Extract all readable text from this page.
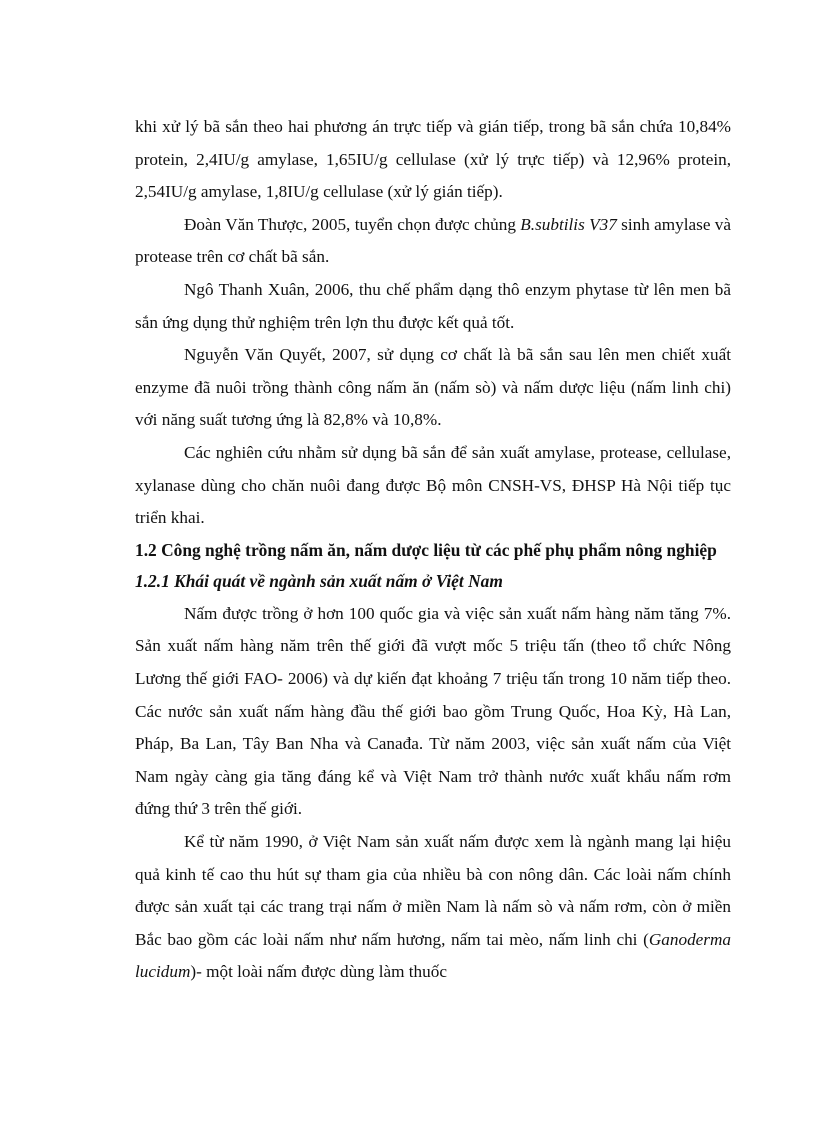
khi xử lý bã sắn theo hai phương án trực tiếp và gián tiếp, trong bã sắn chứa 10,84% protein, 2,4IU/g amylase, 1,65IU/g cellulase (xử lý trực tiếp) và 12,96% protein, 2,54IU/g amylase, 1,8IU/g cellulase (xử lý gián tiếp).

Đoàn Văn Thược, 2005, tuyển chọn được chủng B.subtilis V37 sinh amylase và protease trên cơ chất bã sắn.

Ngô Thanh Xuân, 2006, thu chế phẩm dạng thô enzym phytase từ lên men bã sắn ứng dụng thử nghiệm trên lợn thu được kết quả tốt.

Nguyễn Văn Quyết, 2007, sử dụng cơ chất là bã sắn sau lên men chiết xuất enzyme đã nuôi trồng thành công nấm ăn (nấm sò) và nấm dược liệu (nấm linh chi) với năng suất tương ứng là 82,8% và 10,8%.

Các nghiên cứu nhằm sử dụng bã sắn để sản xuất amylase, protease, cellulase, xylanase dùng cho chăn nuôi đang được Bộ môn CNSH-VS, ĐHSP Hà Nội tiếp tục triển khai.

1.2 Công nghệ trồng nấm ăn, nấm dược liệu từ các phế phụ phẩm nông nghiệp

1.2.1 Khái quát về ngành sản xuất nấm ở Việt Nam

Nấm được trồng ở hơn 100 quốc gia và việc sản xuất nấm hàng năm tăng 7%. Sản xuất nấm hàng năm trên thế giới đã vượt mốc 5 triệu tấn (theo tổ chức Nông Lương thế giới FAO- 2006) và dự kiến đạt khoảng 7 triệu tấn trong 10 năm tiếp theo. Các nước sản xuất nấm hàng đầu thế giới bao gồm Trung Quốc, Hoa Kỳ, Hà Lan, Pháp, Ba Lan, Tây Ban Nha và Canađa. Từ năm 2003, việc sản xuất nấm của Việt Nam ngày càng gia tăng đáng kể và Việt Nam trở thành nước xuất khẩu nấm rơm đứng thứ 3 trên thế giới.

Kể từ năm 1990, ở Việt Nam sản xuất nấm được xem là ngành mang lại hiệu quả kinh tế cao thu hút sự tham gia của nhiều bà con nông dân. Các loài nấm chính được sản xuất tại các trang trại nấm ở miền Nam là nấm sò và nấm rơm, còn ở miền Bắc bao gồm các loài nấm như nấm hương, nấm tai mèo, nấm linh chi (Ganoderma lucidum)- một loài nấm được dùng làm thuốc
